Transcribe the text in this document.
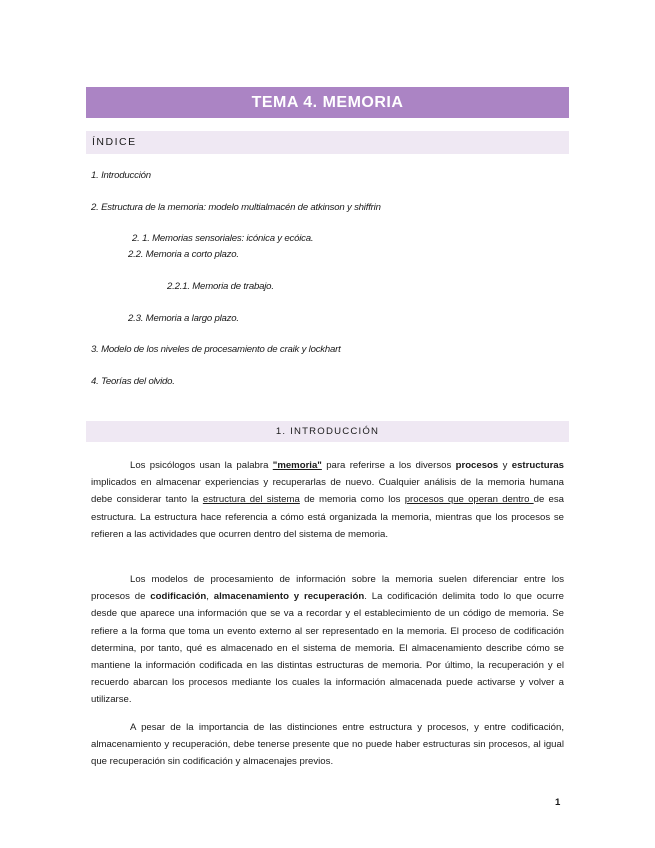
TEMA 4. MEMORIA
ÍNDICE
1. Introducción
2. Estructura de la memoria: modelo multialmacén de atkinson y shiffrin
2. 1. Memorias sensoriales: icónica y ecóica.
2.2. Memoria a corto plazo.
2.2.1. Memoria de trabajo.
2.3. Memoria a largo plazo.
3. Modelo de los niveles de procesamiento de craik y lockhart
4. Teorías del olvido.
1. INTRODUCCIÓN

Los psicólogos usan la palabra "memoria" para referirse a los diversos procesos y estructuras implicados en almacenar experiencias y recuperarlas de nuevo. Cualquier análisis de la memoria humana debe considerar tanto la estructura del sistema de memoria como los procesos que operan dentro de esa estructura. La estructura hace referencia a cómo está organizada la memoria, mientras que los procesos se refieren a las actividades que ocurren dentro del sistema de memoria.

Los modelos de procesamiento de información sobre la memoria suelen diferenciar entre los procesos de codificación, almacenamiento y recuperación. La codificación delimita todo lo que ocurre desde que aparece una información que se va a recordar y el establecimiento de un código de memoria. Se refiere a la forma que toma un evento externo al ser representado en la memoria. El proceso de codificación determina, por tanto, qué es almacenado en el sistema de memoria. El almacenamiento describe cómo se mantiene la información codificada en las distintas estructuras de memoria. Por último, la recuperación y el recuerdo abarcan los procesos mediante los cuales la información almacenada puede activarse y volver a utilizarse.

A pesar de la importancia de las distinciones entre estructura y procesos, y entre codificación, almacenamiento y recuperación, debe tenerse presente que no puede haber estructuras sin procesos, al igual que recuperación sin codificación y almacenajes previos.

1
